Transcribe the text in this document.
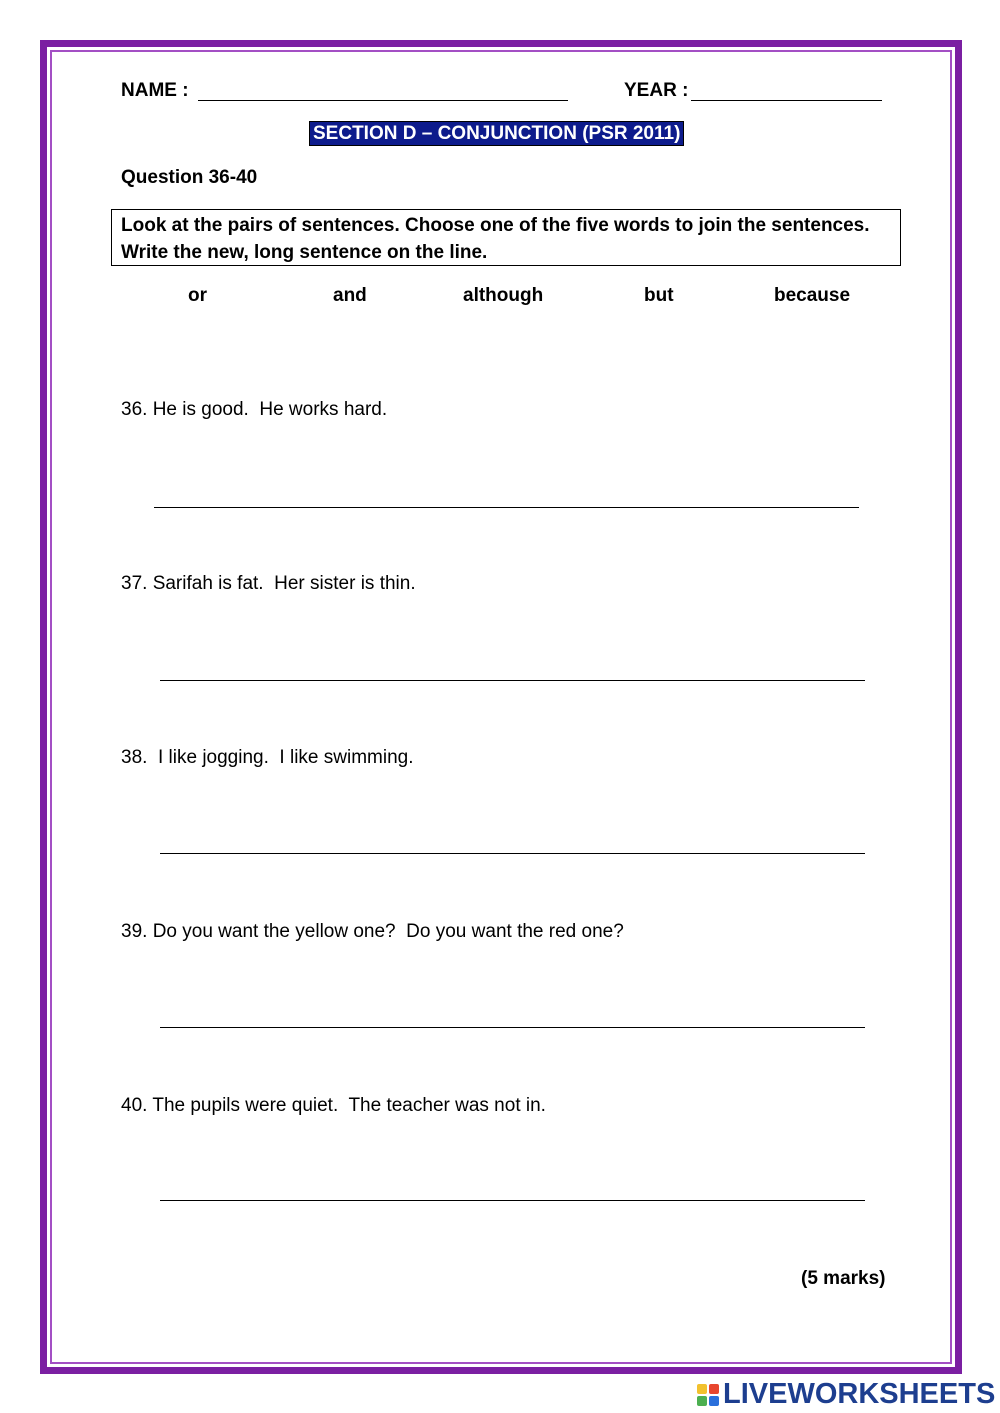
NAME :	YEAR :
SECTION D – CONJUNCTION (PSR 2011)
Question 36-40
Look at the pairs of sentences. Choose one of the five words to join the sentences. Write the new, long sentence on the line.
or	and	although	but	because
36. He is good.  He works hard.
37. Sarifah is fat.  Her sister is thin.
38.  I like jogging.  I like swimming.
39. Do you want the yellow one?  Do you want the red one?
40. The pupils were quiet.  The teacher was not in.
(5 marks)
LIVEWORKSHEETS
